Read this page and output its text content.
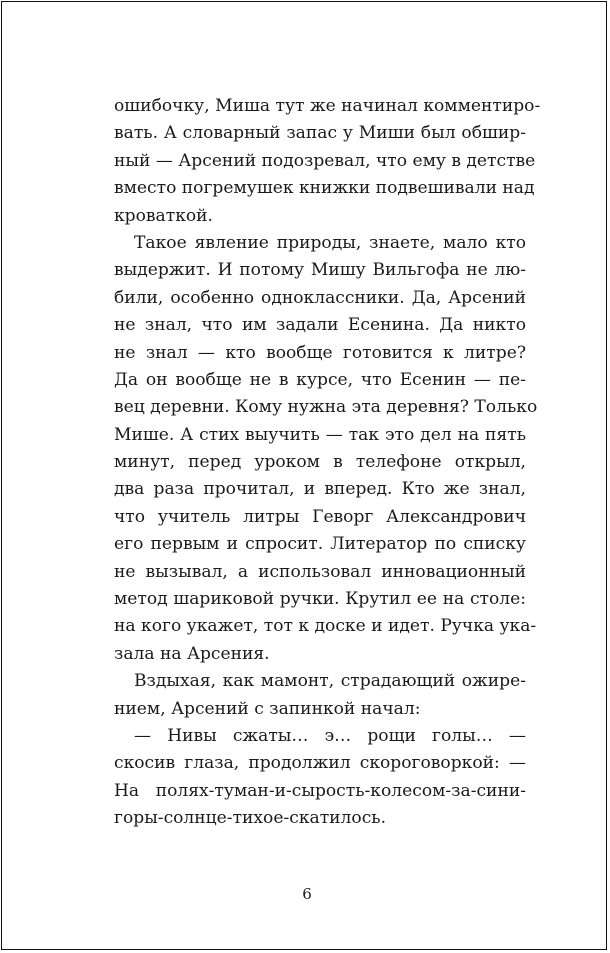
ошибочку, Миша тут же начинал комментиро-
вать. А словарный запас у Миши был обшир-
ный — Арсений подозревал, что ему в детстве
вместо погремушек книжки подвешивали над
кроваткой.
Такое явление природы, знаете, мало кто
выдержит. И потому Мишу Вильгофа не лю-
били, особенно одноклассники. Да, Арсений
не знал, что им задали Есенина. Да никто
не знал — кто вообще готовится к литре?
Да он вообще не в курсе, что Есенин — пе-
вец деревни. Кому нужна эта деревня? Только
Мише. А стих выучить — так это дел на пять
минут, перед уроком в телефоне открыл,
два раза прочитал, и вперед. Кто же знал,
что учитель литры Геворг Александрович
его первым и спросит. Литератор по списку
не вызывал, а использовал инновационный
метод шариковой ручки. Крутил ее на столе:
на кого укажет, тот к доске и идет. Ручка ука-
зала на Арсения.
Вздыхая, как мамонт, страдающий ожире-
нием, Арсений с запинкой начал:
— Нивы сжаты… э… рощи голы… —
скосив глаза, продолжил скороговоркой: —
На полях-туман-и-сырость-колесом-за-сини-
горы-солнце-тихое-скатилось.
6
